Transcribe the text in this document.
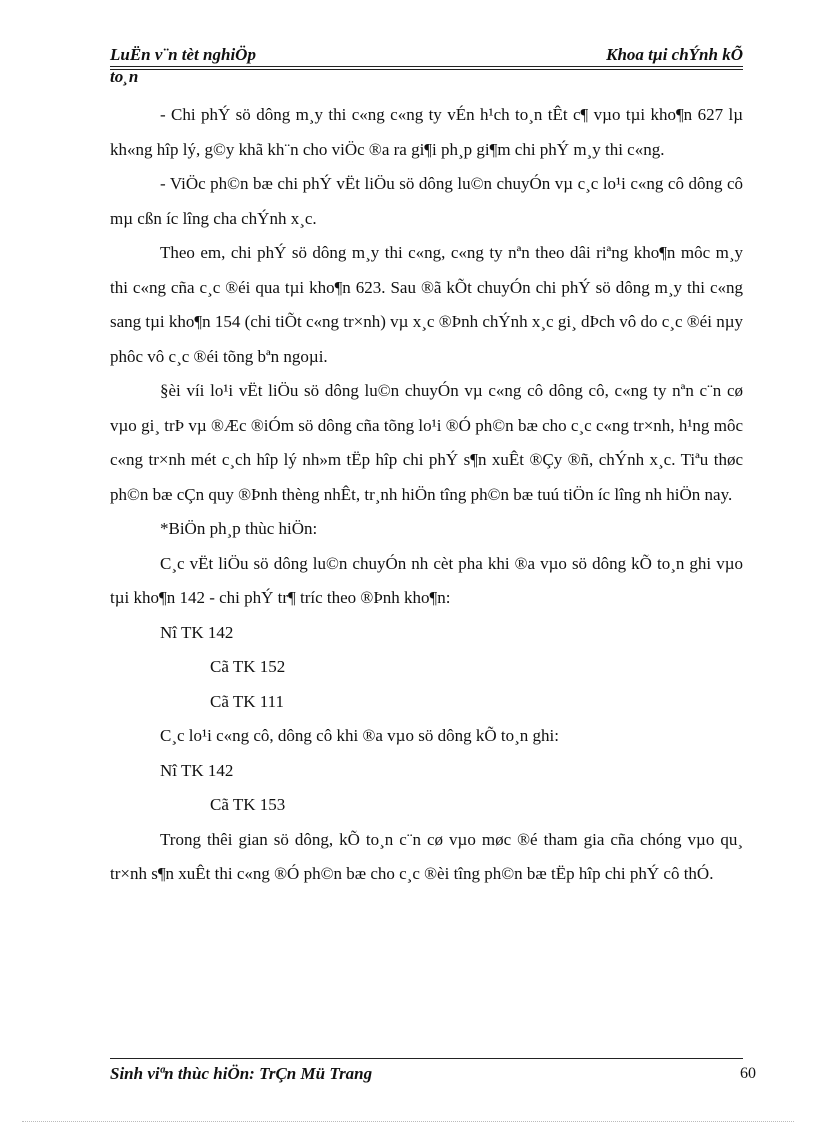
LuËn v¨n tèt nghiÖp
to¸n
Khoa tµi chÝnh kÕ

- Chi phÝ sö dông m¸y thi c«ng c«ng ty vÉn h¹ch to¸n tÊt c¶ vµo tµi kho¶n 627 lµ kh«ng hîp lý, g©y khã kh¨n cho viÖc ®a ra gi¶i ph¸p gi¶m chi phÝ m¸y thi c«ng.

- ViÖc ph©n bæ chi phÝ vËt liÖu sö dông lu©n chuyÓn vµ c¸c lo¹i c«ng cô dông cô mµ cßn íc lîng cha chÝnh x¸c.

Theo em, chi phÝ sö dông m¸y thi c«ng, c«ng ty nªn theo dâi riªng kho¶n môc m¸y thi c«ng cña c¸c ®éi qua tµi kho¶n 623. Sau ®ã kÕt chuyÓn chi phÝ sö dông m¸y thi c«ng sang tµi kho¶n 154 (chi tiÕt c«ng tr×nh) vµ x¸c ®Þnh chÝnh x¸c gi¸ dÞch vô do c¸c ®éi nµy phôc vô c¸c ®éi tõng bªn ngoµi.

§èi víi lo¹i vËt liÖu sö dông lu©n chuyÓn vµ c«ng cô dông cô, c«ng ty nªn c¨n cø vµo gi¸ trÞ vµ ®Æc ®iÓm sö dông cña tõng lo¹i ®Ó ph©n bæ cho c¸c c«ng tr×nh, h¹ng môc c«ng tr×nh mét c¸ch hîp lý nh»m tËp hîp chi phÝ s¶n xuÊt ®Çy ®ñ, chÝnh x¸c. Tiªu thøc ph©n bæ cÇn quy ®Þnh thèng nhÊt, tr¸nh hiÖn tîng ph©n bæ tuú tiÖn íc lîng nh hiÖn nay.

*BiÖn ph¸p thùc hiÖn:

C¸c vËt liÖu sö dông lu©n chuyÓn nh cèt pha khi ®a vµo sö dông kÕ to¸n ghi vµo tµi kho¶n 142 - chi phÝ tr¶ tríc theo ®Þnh kho¶n:

Nî TK 142

Cã TK 152

Cã TK 111

C¸c lo¹i c«ng cô, dông cô khi ®a vµo sö dông kÕ to¸n ghi:

Nî TK 142

Cã TK 153

Trong thêi gian sö dông, kÕ to¸n c¨n cø vµo møc ®é tham gia cña chóng vµo qu¸ tr×nh s¶n xuÊt thi c«ng ®Ó ph©n bæ cho c¸c ®èi tîng ph©n bæ tËp hîp chi phÝ cô thÓ.

Sinh viªn thùc hiÖn: TrÇn Mü Trang	60
